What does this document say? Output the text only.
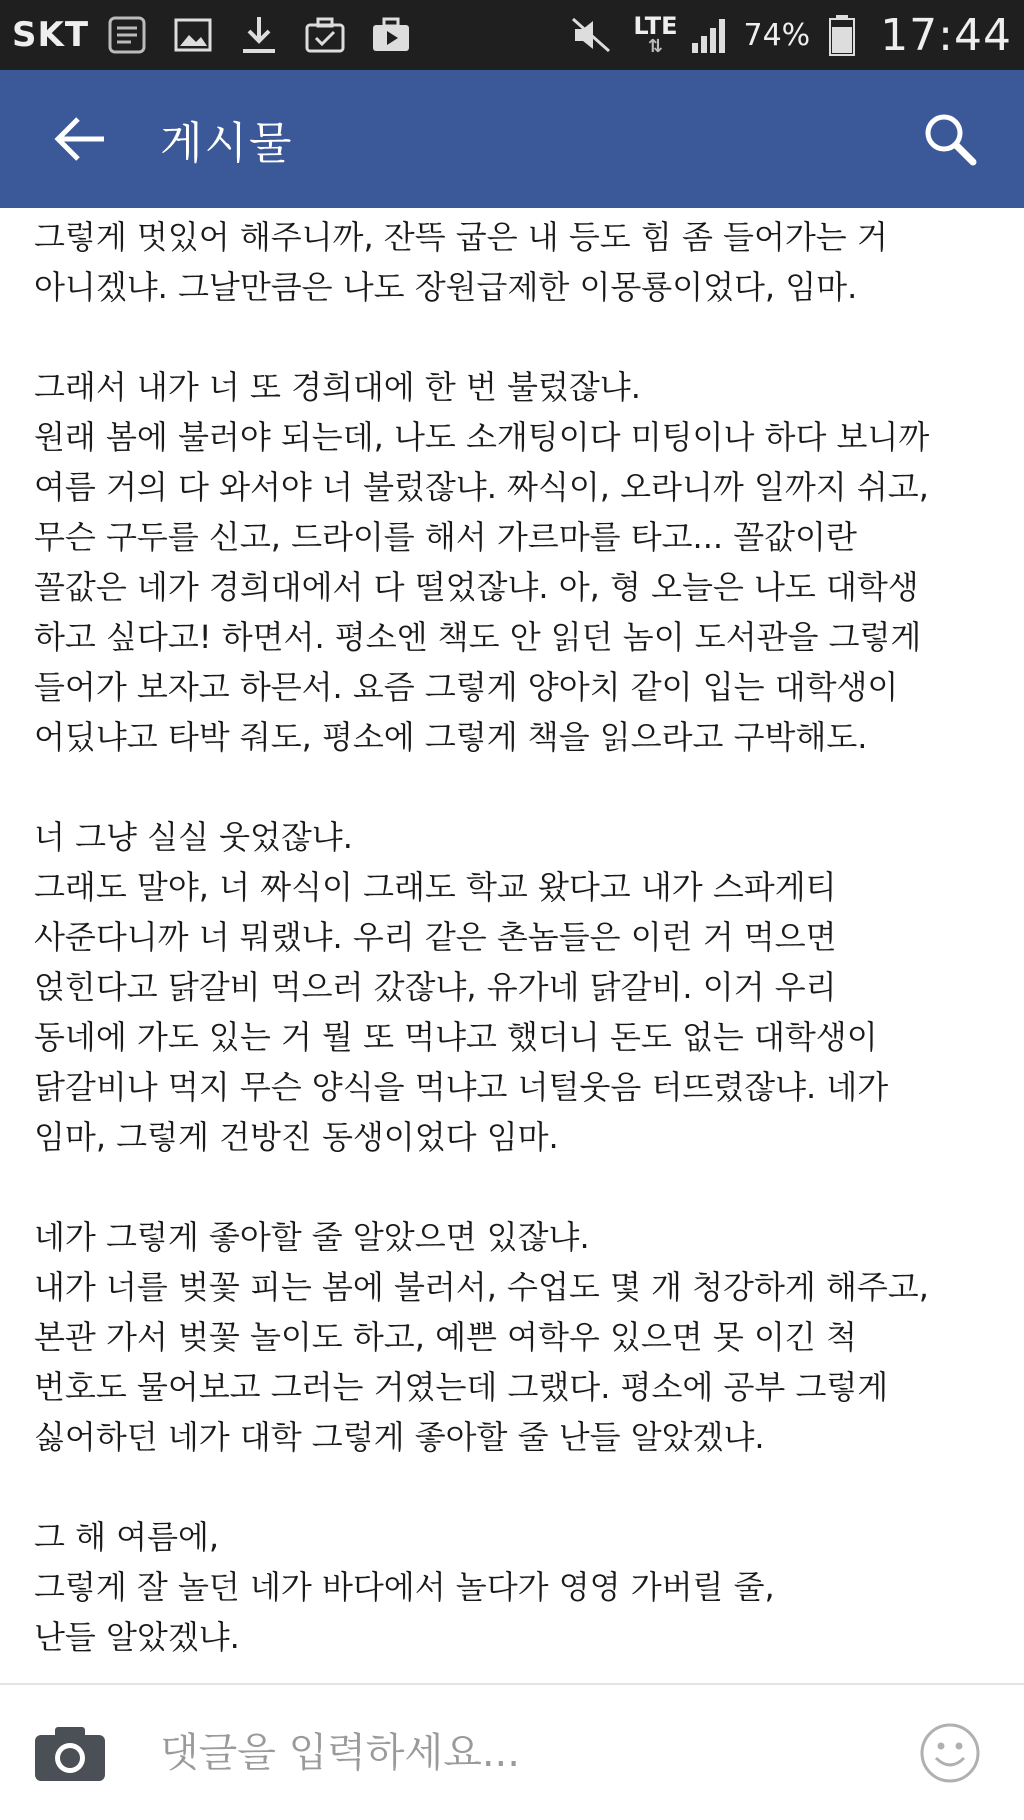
SKT	LTE
⇅	74% 17:44
게시물
그렇게 멋있어 해주니까, 잔뜩 굽은 내 등도 힘 좀 들어가는 거
아니겠냐. 그날만큼은 나도 장원급제한 이몽룡이었다, 임마.
그래서 내가 너 또 경희대에 한 번 불렀잖냐.
원래 봄에 불러야 되는데, 나도 소개팅이다 미팅이나 하다 보니까
여름 거의 다 와서야 너 불렀잖냐. 짜식이, 오라니까 일까지 쉬고,
무슨 구두를 신고, 드라이를 해서 가르마를 타고... 꼴값이란
꼴값은 네가 경희대에서 다 떨었잖냐. 아, 형 오늘은 나도 대학생
하고 싶다고! 하면서. 평소엔 책도 안 읽던 놈이 도서관을 그렇게
들어가 보자고 하믄서. 요즘 그렇게 양아치 같이 입는 대학생이
어딨냐고 타박 줘도, 평소에 그렇게 책을 읽으라고 구박해도.
너 그냥 실실 웃었잖냐.
그래도 말야, 너 짜식이 그래도 학교 왔다고 내가 스파게티
사준다니까 너 뭐랬냐. 우리 같은 촌놈들은 이런 거 먹으면
얹힌다고 닭갈비 먹으러 갔잖냐, 유가네 닭갈비. 이거 우리
동네에 가도 있는 거 뭘 또 먹냐고 했더니 돈도 없는 대학생이
닭갈비나 먹지 무슨 양식을 먹냐고 너털웃음 터뜨렸잖냐. 네가
임마, 그렇게 건방진 동생이었다 임마.
네가 그렇게 좋아할 줄 알았으면 있잖냐.
내가 너를 벚꽃 피는 봄에 불러서, 수업도 몇 개 청강하게 해주고,
본관 가서 벚꽃 놀이도 하고, 예쁜 여학우 있으면 못 이긴 척
번호도 물어보고 그러는 거였는데 그랬다. 평소에 공부 그렇게
싫어하던 네가 대학 그렇게 좋아할 줄 난들 알았겠냐.
그 해 여름에,
그렇게 잘 놀던 네가 바다에서 놀다가 영영 가버릴 줄,
난들 알았겠냐.
댓글을 입력하세요...
